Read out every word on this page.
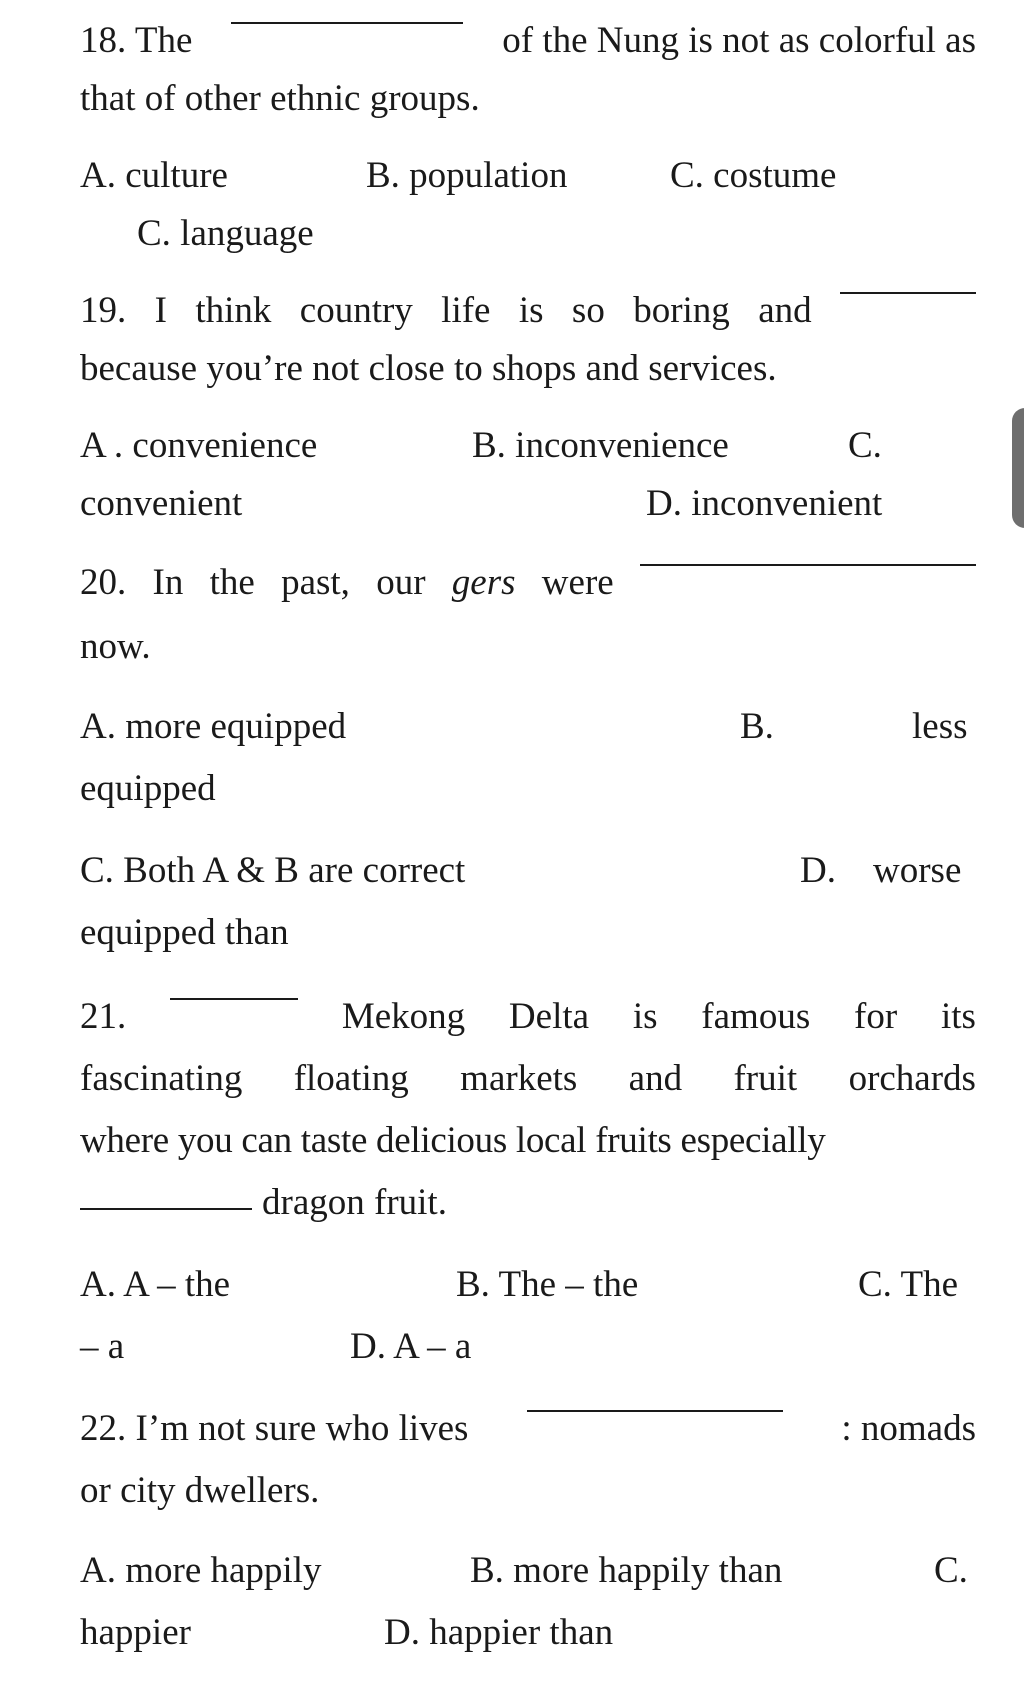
18. The	of the Nung is not as colorful as
that of other ethnic groups.
A. culture	B. population	C. costume
C. language
19. I think country life is so boring and
because you’re not close to shops and services.
A . convenience	B. inconvenience	C.
convenient	D. inconvenient
20. In the past, our gers were
now.
A. more equipped	B.	less
equipped
C. Both A & B are correct	D. worse
equipped than
21.	Mekong Delta is famous for its
fascinating floating markets and fruit orchards
where you can taste delicious local fruits especially
dragon fruit.
A. A – the	B. The – the	C. The
– a	D. A – a
22. I’m not sure who lives	: nomads
or city dwellers.
A. more happily	B. more happily than	C.
happier	D. happier than
